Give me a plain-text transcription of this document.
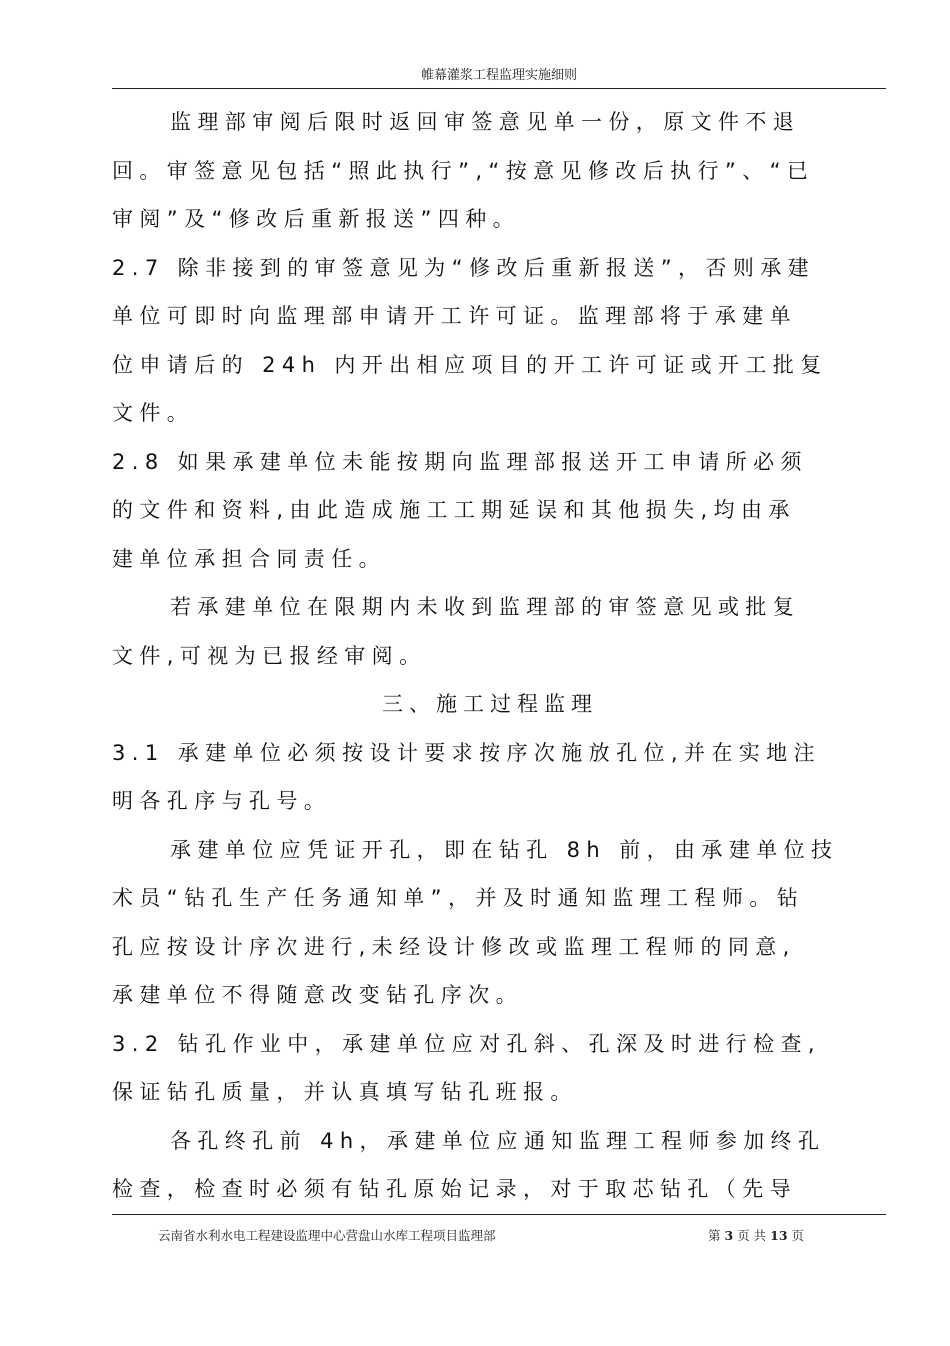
帷幕灌浆工程监理实施细则
监理部审阅后限时返回审签意见单一份，原文件不退
回。审签意见包括“照此执行”,“按意见修改后执行”、“已
审阅”及“修改后重新报送”四种。
2.7 除非接到的审签意见为“修改后重新报送”，否则承建
单位可即时向监理部申请开工许可证。监理部将于承建单
位申请后的 24h 内开出相应项目的开工许可证或开工批复
文件。
2.8 如果承建单位未能按期向监理部报送开工申请所必须
的文件和资料,由此造成施工工期延误和其他损失,均由承
建单位承担合同责任。
若承建单位在限期内未收到监理部的审签意见或批复
文件,可视为已报经审阅。
三、施工过程监理
3.1 承建单位必须按设计要求按序次施放孔位,并在实地注
明各孔序与孔号。
承建单位应凭证开孔，即在钻孔 8h 前，由承建单位技
术员“钻孔生产任务通知单”，并及时通知监理工程师。钻
孔应按设计序次进行,未经设计修改或监理工程师的同意,
承建单位不得随意改变钻孔序次。
3.2 钻孔作业中，承建单位应对孔斜、孔深及时进行检查,
保证钻孔质量，并认真填写钻孔班报。
各孔终孔前 4h，承建单位应通知监理工程师参加终孔
检查，检查时必须有钻孔原始记录，对于取芯钻孔（先导
云南省水利水电工程建设监理中心营盘山水库工程项目监理部	第 3 页 共 13 页
